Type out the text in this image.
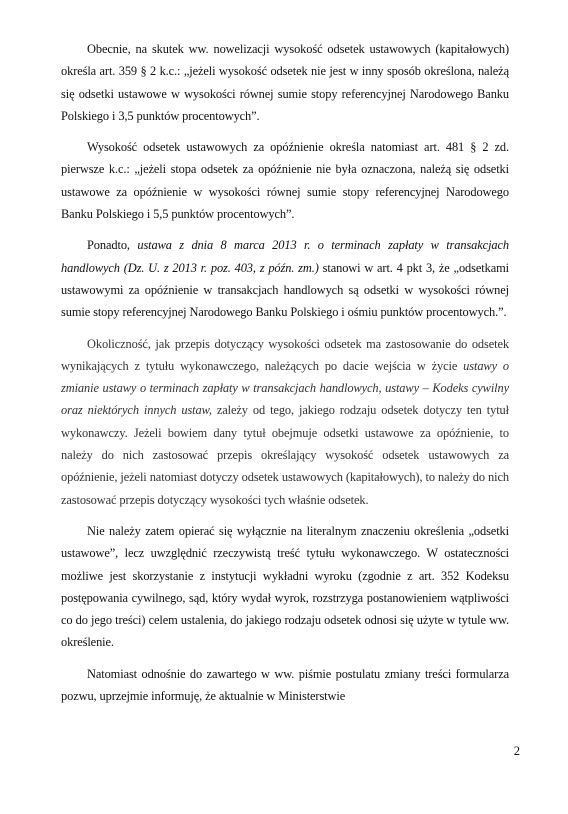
Obecnie, na skutek ww. nowelizacji wysokość odsetek ustawowych (kapitałowych) określa art. 359 § 2 k.c.: „jeżeli wysokość odsetek nie jest w inny sposób określona, należą się odsetki ustawowe w wysokości równej sumie stopy referencyjnej Narodowego Banku Polskiego i 3,5 punktów procentowych”.

Wysokość odsetek ustawowych za opóźnienie określa natomiast art. 481 § 2 zd. pierwsze k.c.: „jeżeli stopa odsetek za opóźnienie nie była oznaczona, należą się odsetki ustawowe za opóźnienie w wysokości równej sumie stopy referencyjnej Narodowego Banku Polskiego i 5,5 punktów procentowych”.

Ponadto, ustawa z dnia 8 marca 2013 r. o terminach zapłaty w transakcjach handlowych (Dz. U. z 2013 r. poz. 403, z późn. zm.) stanowi w art. 4 pkt 3, że „odsetkami ustawowymi za opóźnienie w transakcjach handlowych są odsetki w wysokości równej sumie stopy referencyjnej Narodowego Banku Polskiego i ośmiu punktów procentowych.”.

Okoliczność, jak przepis dotyczący wysokości odsetek ma zastosowanie do odsetek wynikających z tytułu wykonawczego, należących po dacie wejścia w życie ustawy o zmianie ustawy o terminach zapłaty w transakcjach handlowych, ustawy – Kodeks cywilny oraz niektórych innych ustaw, zależy od tego, jakiego rodzaju odsetek dotyczy ten tytuł wykonawczy. Jeżeli bowiem dany tytuł obejmuje odsetki ustawowe za opóźnienie, to należy do nich zastosować przepis określający wysokość odsetek ustawowych za opóźnienie, jeżeli natomiast dotyczy odsetek ustawowych (kapitałowych), to należy do nich zastosować przepis dotyczący wysokości tych właśnie odsetek.

Nie należy zatem opierać się wyłącznie na literalnym znaczeniu określenia „odsetki ustawowe”, lecz uwzględnić rzeczywistą treść tytułu wykonawczego. W ostateczności możliwe jest skorzystanie z instytucji wykładni wyroku (zgodnie z art. 352 Kodeksu postępowania cywilnego, sąd, który wydał wyrok, rozstrzyga postanowieniem wątpliwości co do jego treści) celem ustalenia, do jakiego rodzaju odsetek odnosi się użyte w tytule ww. określenie.

Natomiast odnośnie do zawartego w ww. piśmie postulatu zmiany treści formularza pozwu, uprzejmie informuję, że aktualnie w Ministerstwie

2
